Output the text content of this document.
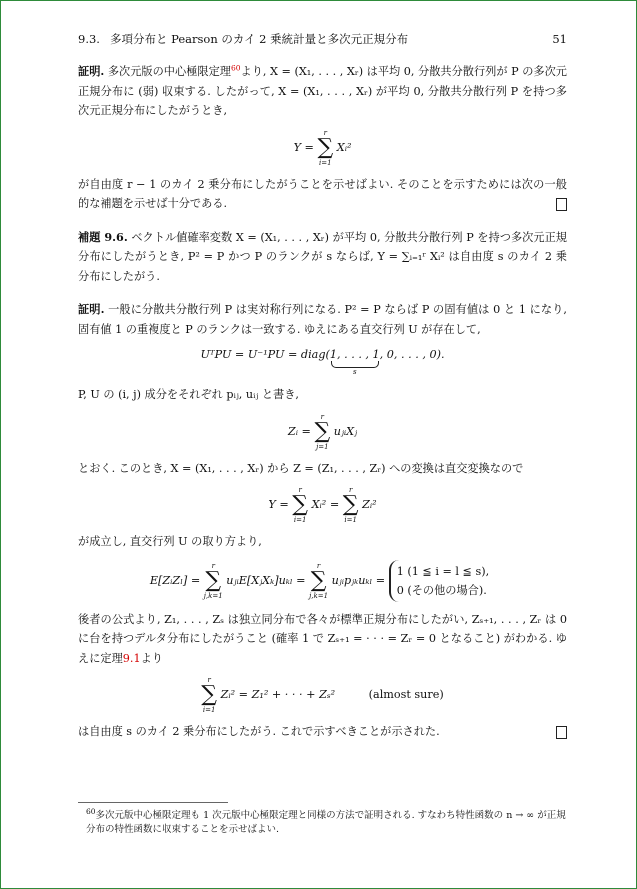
9.3. 多項分布と Pearson のカイ 2 乗統計量と多次元正規分布	51

証明. 多次元版の中心極限定理$^{60}$より, X = (X₁, . . . , Xᵣ) は平均 0, 分散共分散行列が P の多次元正規分布に (弱) 収束する. したがって, X = (X₁, . . . , Xᵣ) が平均 0, 分散共分散行列 P を持つ多次元正規分布にしたがうとき,

Y =
r
∑
i=1
Xᵢ²

が自由度 r − 1 のカイ 2 乗分布にしたがうことを示せばよい. そのことを示すためには次の一般的な補題を示せば十分である.

補題 9.6. ベクトル値確率変数 X = (X₁, . . . , Xᵣ) が平均 0, 分散共分散行列 P を持つ多次元正規分布にしたがうとき, P² = P かつ P のランクが s ならば, Y = ∑ᵢ₌₁ʳ Xᵢ² は自由度 s のカイ 2 乗分布にしたがう.

証明. 一般に分散共分散行列 P は実対称行列になる. P² = P ならば P の固有値は 0 と 1 になり, 固有値 1 の重複度と P のランクは一致する. ゆえにある直交行列 U が存在して,

UᵀPU = U⁻¹PU = diag(1, . . . , 1
s
, 0, . . . , 0).

P, U の (i, j) 成分をそれぞれ pᵢⱼ, uᵢⱼ と書き,

Zᵢ =
r
∑
j=1
uⱼᵢXⱼ

とおく. このとき, X = (X₁, . . . , Xᵣ) から Z = (Z₁, . . . , Zᵣ) への変換は直交変換なので

Y =
r
∑
i=1
Xᵢ² =
r
∑
i=1
Zᵢ²

が成立し, 直交行列 U の取り方より,

E[ZᵢZₗ] =
r
∑
j,k=1
uⱼᵢE[XⱼXₖ]uₖₗ =
r
∑
j,k=1
uⱼᵢpⱼₖuₖₗ =
1 (1 ≦ i = l ≦ s),
0 (その他の場合).

後者の公式より, Z₁, . . . , Zₛ は独立同分布で各々が標準正規分布にしたがい, Zₛ₊₁, . . . , Zᵣ は 0 に台を持つデルタ分布にしたがうこと (確率 1 で Zₛ₊₁ = · · · = Zᵣ = 0 となること) がわかる. ゆえに定理9.1より

r
∑
i=1
Zᵢ² = Z₁² + · · · + Zₛ²	(almost sure)

は自由度 s のカイ 2 乗分布にしたがう. これで示すべきことが示された.

$^{60}$多次元版中心極限定理も 1 次元版中心極限定理と同様の方法で証明される. すなわち特性函数の n → ∞ が正規分布の特性函数に収束することを示せばよい.
